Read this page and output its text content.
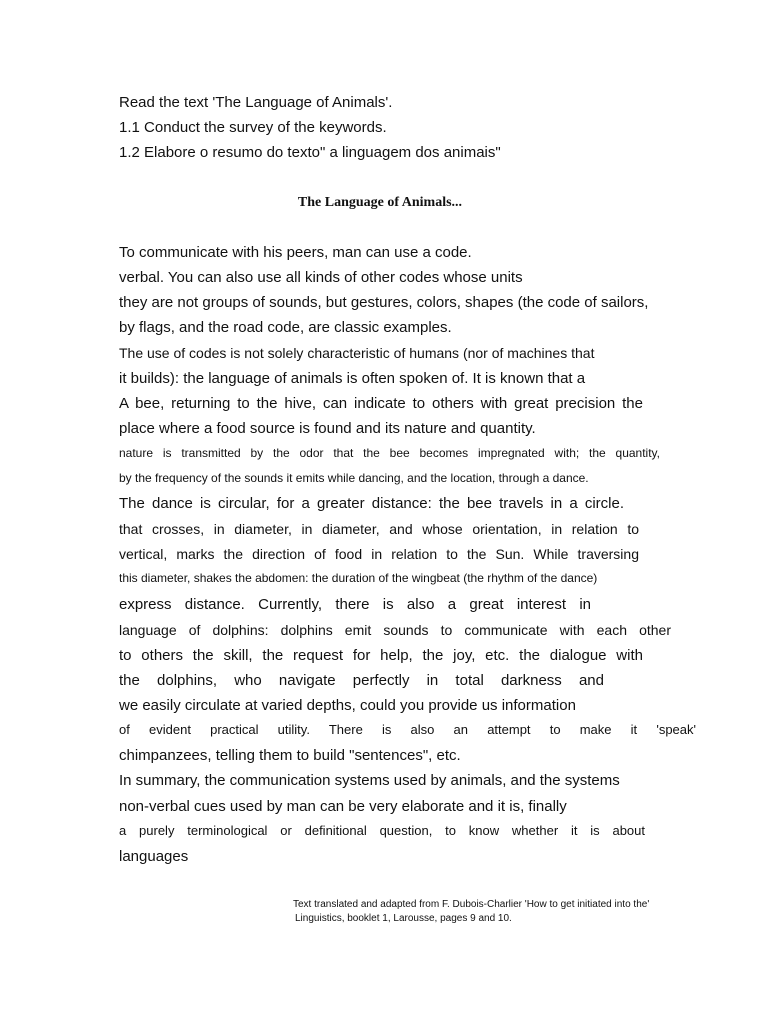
Read the text 'The Language of Animals'.
1.1 Conduct the survey of the keywords.
1.2 Elabore o resumo do texto" a linguagem dos animais"
The Language of Animals...
To communicate with his peers, man can use a code.
verbal. You can also use all kinds of other codes whose units
they are not groups of sounds, but gestures, colors, shapes (the code of sailors,
by flags, and the road code, are classic examples.
The use of codes is not solely characteristic of humans (nor of machines that
it builds): the language of animals is often spoken of. It is known that a
A bee, returning to the hive, can indicate to others with great precision the
place where a food source is found and its nature and quantity.
nature is transmitted by the odor that the bee becomes impregnated with; the quantity,
by the frequency of the sounds it emits while dancing, and the location, through a dance.
The dance is circular, for a greater distance: the bee travels in a circle.
that crosses, in diameter, in diameter, and whose orientation, in relation to
vertical, marks the direction of food in relation to the Sun. While traversing
this diameter, shakes the abdomen: the duration of the wingbeat (the rhythm of the dance)
express distance. Currently, there is also a great interest in
language of dolphins: dolphins emit sounds to communicate with each other
to others the skill, the request for help, the joy, etc. the dialogue with
the dolphins, who navigate perfectly in total darkness and
we easily circulate at varied depths, could you provide us information
of evident practical utility. There is also an attempt to make it 'speak'
chimpanzees, telling them to build "sentences", etc.
In summary, the communication systems used by animals, and the systems
non-verbal cues used by man can be very elaborate and it is, finally
a purely terminological or definitional question, to know whether it is about
languages
Text translated and adapted from F. Dubois-Charlier 'How to get initiated into the'
Linguistics, booklet 1, Larousse, pages 9 and 10.
